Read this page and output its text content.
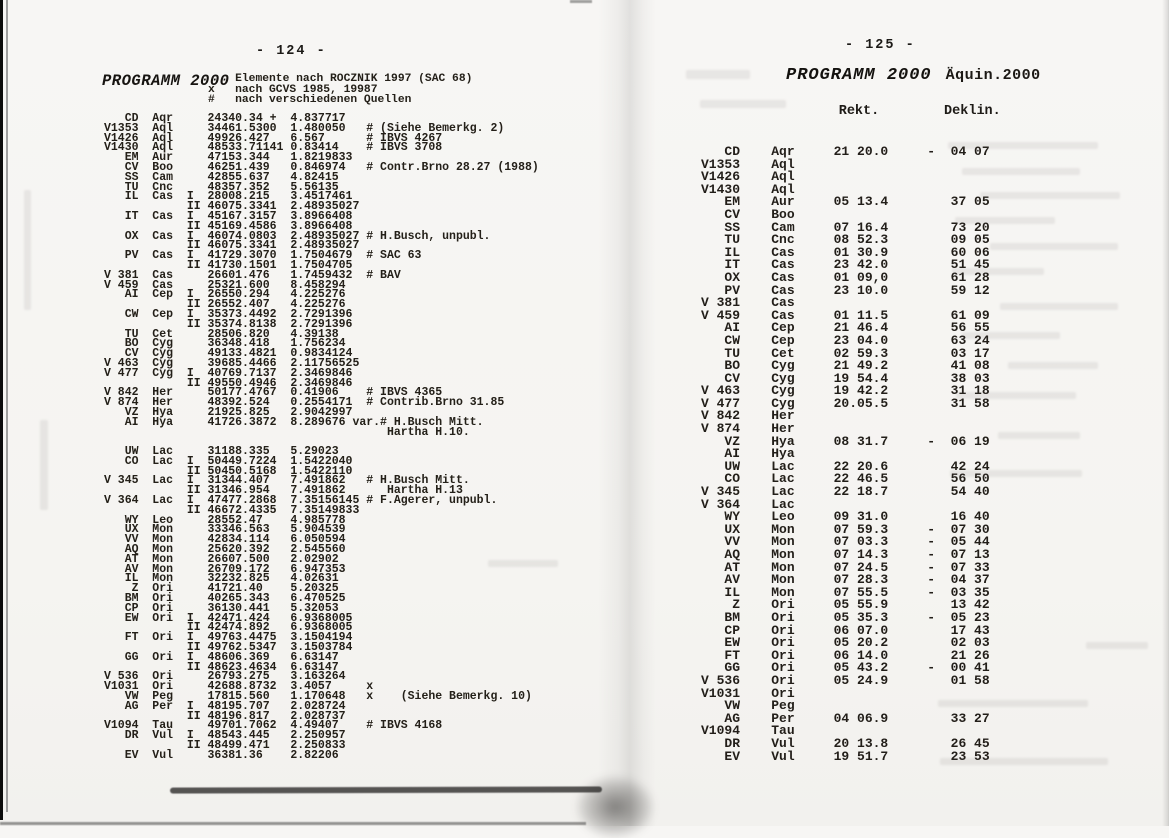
- 124 -
PROGRAMM 2000
Elemente nach ROCZNIK 1997 (SAC 68)
x   nach GCVS 1985, 19987
#   nach verschiedenen Quellen
CD  Aqr     24340.34 +  4.837717
V1353  Aql     34461.5300  1.480050   # (Siehe Bemerkg. 2)
V1426  Aql     49926.427   6.567      # IBVS 4267
V1430  Aql     48533.71141 0.83414    # IBVS 3708
EM  Aur     47153.344   1.8219833
CV  Boo     46251.439   0.846974   # Contr.Brno 28.27 (1988)
SS  Cam     42855.637   4.82415
TU  Cnc     48357.352   5.56135
IL  Cas  I  28008.215   3.4517461
II 46075.3341  2.48935027
IT  Cas  I  45167.3157  3.8966408
II 45169.4586  3.8966408
OX  Cas  I  46074.0803  2.48935027 # H.Busch, unpubl.
II 46075.3341  2.48935027
PV  Cas  I  41729.3070  1.7504679  # SAC 63
II 41730.1501  1.7504705
V 381  Cas     26601.476   1.7459432  # BAV
V 459  Cas     25321.600   8.458294
AI  Cep  I  26550.294   4.225276
II 26552.407   4.225276
CW  Cep  I  35373.4492  2.7291396
II 35374.8138  2.7291396
TU  Cet     28506.820   4.39138
BO  Cyg     36348.418   1.756234
CV  Cyg     49133.4821  0.9834124
V 463  Cyg     39685.4466  2.11756525
V 477  Cyg  I  40769.7137  2.3469846
II 49550.4946  2.3469846
V 842  Her     50177.4767  0.41906    # IBVS 4365
V 874  Her     48392.524   0.2554171  # Contrib.Brno 31.85
VZ  Hya     21925.825   2.9042997
AI  Hya     41726.3872  8.289676 var.# H.Busch Mitt.
Hartha H.10.

UW  Lac     31188.335   5.29023
CO  Lac  I  50449.7224  1.5422040
II 50450.5168  1.5422110
V 345  Lac  I  31344.407   7.491862   # H.Busch Mitt.
II 31346.954   7.491862      Hartha H.13
V 364  Lac  I  47477.2868  7.35156145 # F.Agerer, unpubl.
II 46672.4335  7.35149833
WY  Leo     28552.47    4.985778
UX  Mon     33346.563   5.904539
VV  Mon     42834.114   6.050594
AQ  Mon     25620.392   2.545560
AT  Mon     26607.500   2.02902
AV  Mon     26709.172   6.947353
IL  Mon     32232.825   4.02631
Z  Ori     41721.40    5.20325
BM  Ori     40265.343   6.470525
CP  Ori     36130.441   5.32053
EW  Ori  I  42471.424   6.9368005
II 42474.892   6.9368005
FT  Ori  I  49763.4475  3.1504194
II 49762.5347  3.1503784
GG  Ori  I  48606.369   6.63147
II 48623.4634  6.63147
V 536  Ori     26793.275   3.163264
V1031  Ori     42688.8732  3.4057     x
VW  Peg     17815.560   1.170648   x    (Siehe Bemerkg. 10)
AG  Per  I  48195.707   2.028724
II 48196.817   2.028737
V1094  Tau     49701.7062  4.49407    # IBVS 4168
DR  Vul  I  48543.445   2.250957
II 48499.471   2.250833
EV  Vul     36381.36    2.82206
- 125 -
PROGRAMM 2000 Äquin.2000
Rekt.        Deklin.
CD    Aqr     21 20.0     -  04 07
V1353    Aql
V1426    Aql
V1430    Aql
EM    Aur     05 13.4        37 05
CV    Boo
SS    Cam     07 16.4        73 20
TU    Cnc     08 52.3        09 05
IL    Cas     01 30.9        60 06
IT    Cas     23 42.0        51 45
OX    Cas     01 09,0        61 28
PV    Cas     23 10.0        59 12
V 381    Cas
V 459    Cas     01 11.5        61 09
AI    Cep     21 46.4        56 55
CW    Cep     23 04.0        63 24
TU    Cet     02 59.3        03 17
BO    Cyg     21 49.2        41 08
CV    Cyg     19 54.4        38 03
V 463    Cyg     19 42.2        31 18
V 477    Cyg     20.05.5        31 58
V 842    Her
V 874    Her
VZ    Hya     08 31.7     -  06 19
AI    Hya
UW    Lac     22 20.6        42 24
CO    Lac     22 46.5        56 50
V 345    Lac     22 18.7        54 40
V 364    Lac
WY    Leo     09 31.0        16 40
UX    Mon     07 59.3     -  07 30
VV    Mon     07 03.3     -  05 44
AQ    Mon     07 14.3     -  07 13
AT    Mon     07 24.5     -  07 33
AV    Mon     07 28.3     -  04 37
IL    Mon     07 55.5     -  03 35
Z    Ori     05 55.9        13 42
BM    Ori     05 35.3     -  05 23
CP    Ori     06 07.0        17 43
EW    Ori     05 20.2        02 03
FT    Ori     06 14.0        21 26
GG    Ori     05 43.2     -  00 41
V 536    Ori     05 24.9        01 58
V1031    Ori
VW    Peg
AG    Per     04 06.9        33 27
V1094    Tau
DR    Vul     20 13.8        26 45
EV    Vul     19 51.7        23 53
